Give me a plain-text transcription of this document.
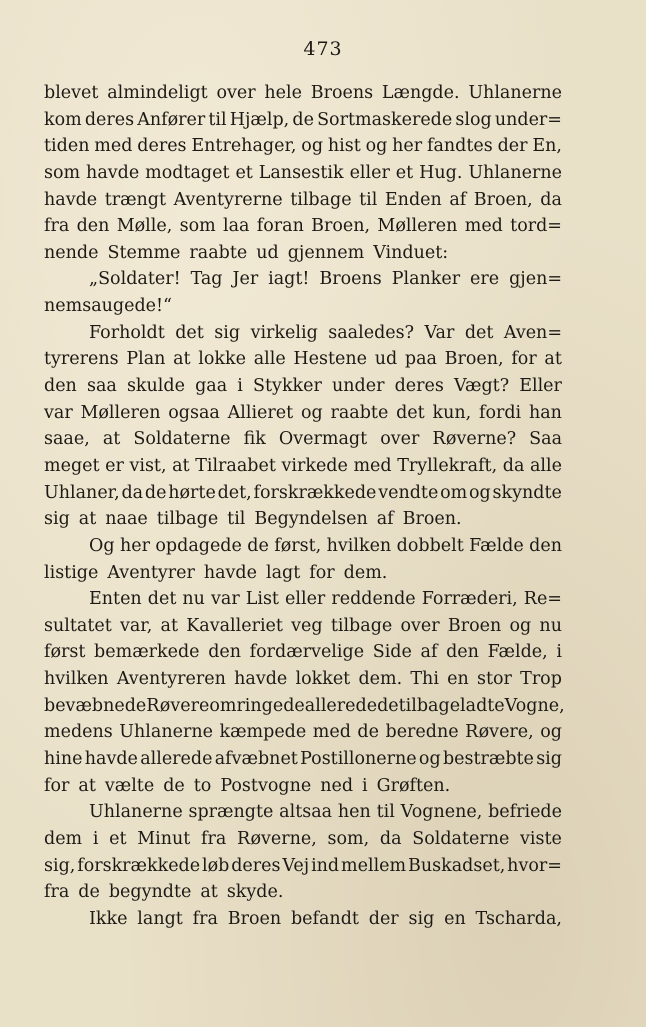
473
blevet almindeligt over hele Broens Længde. Uhlanerne
kom deres Anfører til Hjælp, de Sortmaskerede slog under=
tiden med deres Entrehager, og hist og her fandtes der En,
som havde modtaget et Lansestik eller et Hug. Uhlanerne
havde trængt Aventyrerne tilbage til Enden af Broen, da
fra den Mølle, som laa foran Broen, Mølleren med tord=
nende Stemme raabte ud gjennem Vinduet:
„Soldater! Tag Jer iagt! Broens Planker ere gjen=
nemsaugede!“
Forholdt det sig virkelig saaledes? Var det Aven=
tyrerens Plan at lokke alle Hestene ud paa Broen, for at
den saa skulde gaa i Stykker under deres Vægt? Eller
var Mølleren ogsaa Allieret og raabte det kun, fordi han
saae, at Soldaterne fik Overmagt over Røverne? Saa
meget er vist, at Tilraabet virkede med Tryllekraft, da alle
Uhlaner, da de hørte det, forskrækkede vendte om og skyndte
sig at naae tilbage til Begyndelsen af Broen.
Og her opdagede de først, hvilken dobbelt Fælde den
listige Aventyrer havde lagt for dem.
Enten det nu var List eller reddende Forræderi, Re=
sultatet var, at Kavalleriet veg tilbage over Broen og nu
først bemærkede den fordærvelige Side af den Fælde, i
hvilken Aventyreren havde lokket dem. Thi en stor Trop
bevæbnede Røvere omringede allerede de tilbageladte Vogne,
medens Uhlanerne kæmpede med de beredne Røvere, og
hine havde allerede afvæbnet Postillonerne og bestræbte sig
for at vælte de to Postvogne ned i Grøften.
Uhlanerne sprængte altsaa hen til Vognene, befriede
dem i et Minut fra Røverne, som, da Soldaterne viste
sig, forskrækkede løb deres Vej ind mellem Buskadset, hvor=
fra de begyndte at skyde.
Ikke langt fra Broen befandt der sig en Tscharda,
